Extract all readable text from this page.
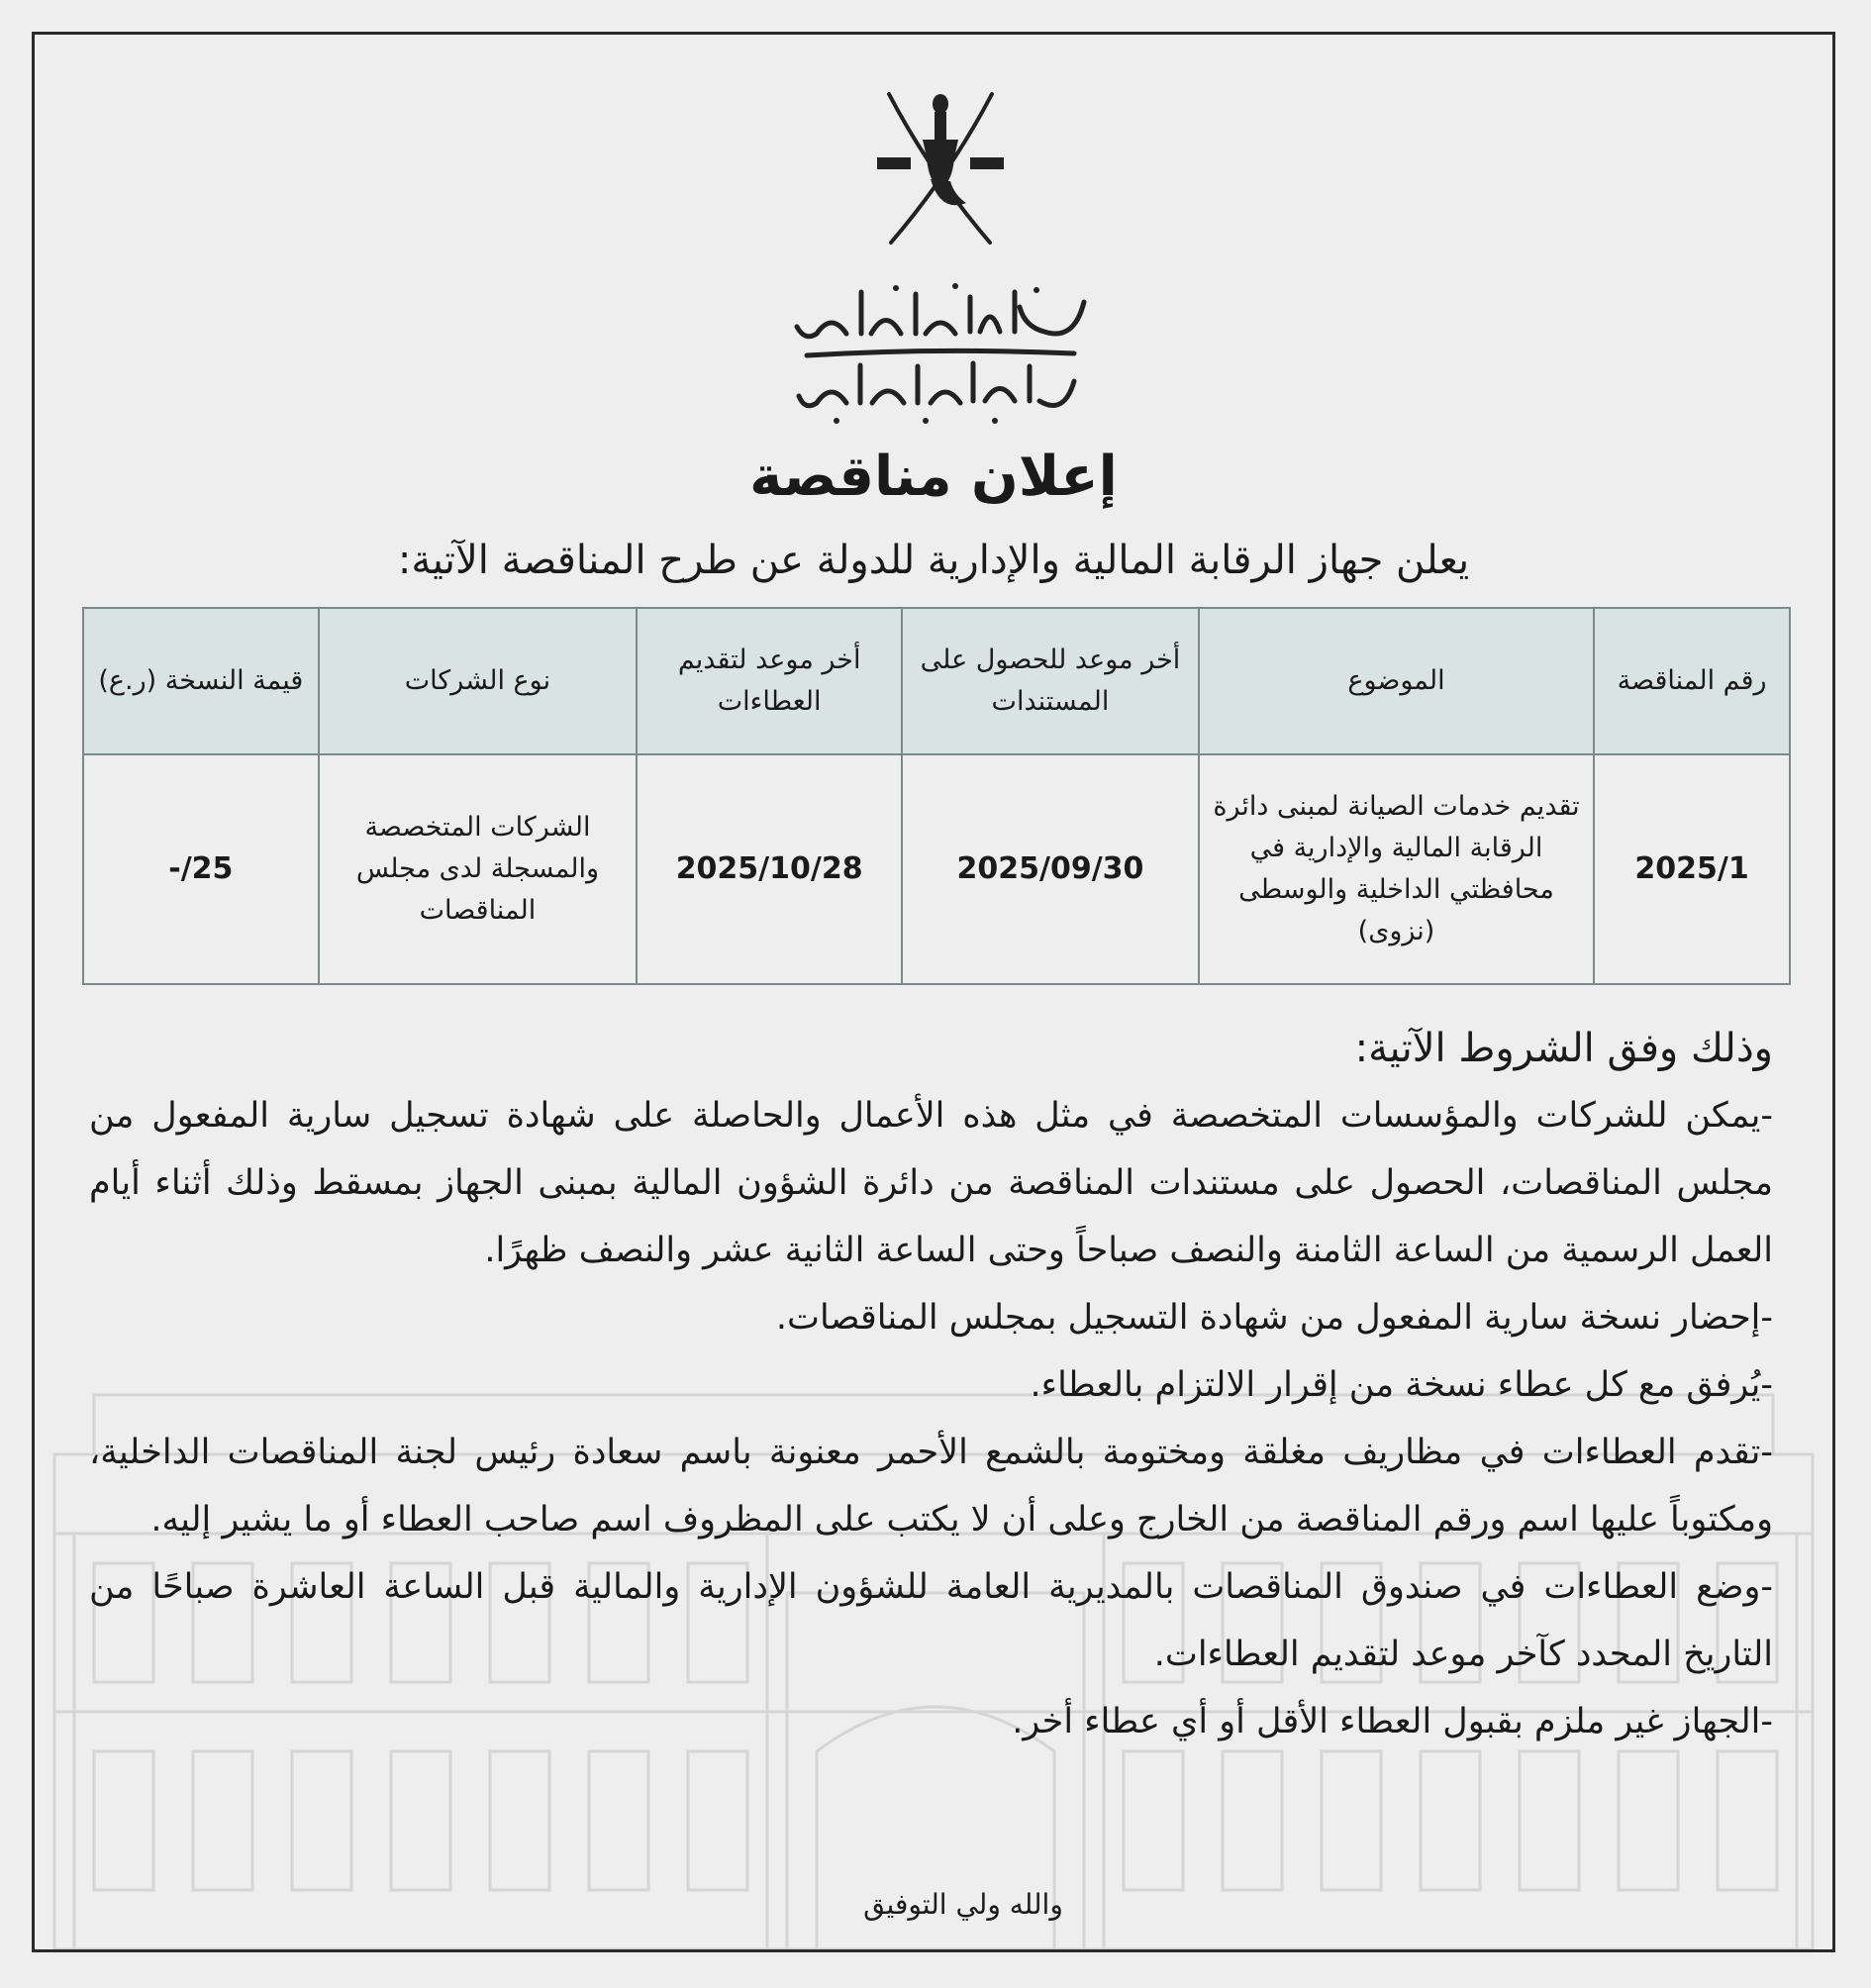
إعلان مناقصة
يعلن جهاز الرقابة المالية والإدارية للدولة عن طرح المناقصة الآتية:
رقم المناقصة	الموضوع	أخر موعد للحصول على المستندات	أخر موعد لتقديم العطاءات	نوع الشركات	قيمة النسخة (ر.ع)
2025/1	تقديم خدمات الصيانة لمبنى دائرة الرقابة المالية والإدارية في محافظتي الداخلية والوسطى (نزوى)	2025/09/30	2025/10/28	الشركات المتخصصة والمسجلة لدى مجلس المناقصات	25/-

وذلك وفق الشروط الآتية:

-يمكن للشركات والمؤسسات المتخصصة في مثل هذه الأعمال والحاصلة على شهادة تسجيل سارية المفعول من مجلس المناقصات، الحصول على مستندات المناقصة من دائرة الشؤون المالية بمبنى الجهاز بمسقط وذلك أثناء أيام العمل الرسمية من الساعة الثامنة والنصف صباحاً وحتى الساعة الثانية عشر والنصف ظهرًا.

-إحضار نسخة سارية المفعول من شهادة التسجيل بمجلس المناقصات.

-يُرفق مع كل عطاء نسخة من إقرار الالتزام بالعطاء.

-تقدم العطاءات في مظاريف مغلقة ومختومة بالشمع الأحمر معنونة باسم سعادة رئيس لجنة المناقصات الداخلية، ومكتوباً عليها اسم ورقم المناقصة من الخارج وعلى أن لا يكتب على المظروف اسم صاحب العطاء أو ما يشير إليه.

-وضع العطاءات في صندوق المناقصات بالمديرية العامة للشؤون الإدارية والمالية قبل الساعة العاشرة صباحًا من التاريخ المحدد كآخر موعد لتقديم العطاءات.

-الجهاز غير ملزم بقبول العطاء الأقل أو أي عطاء أخر.

والله ولي التوفيق
